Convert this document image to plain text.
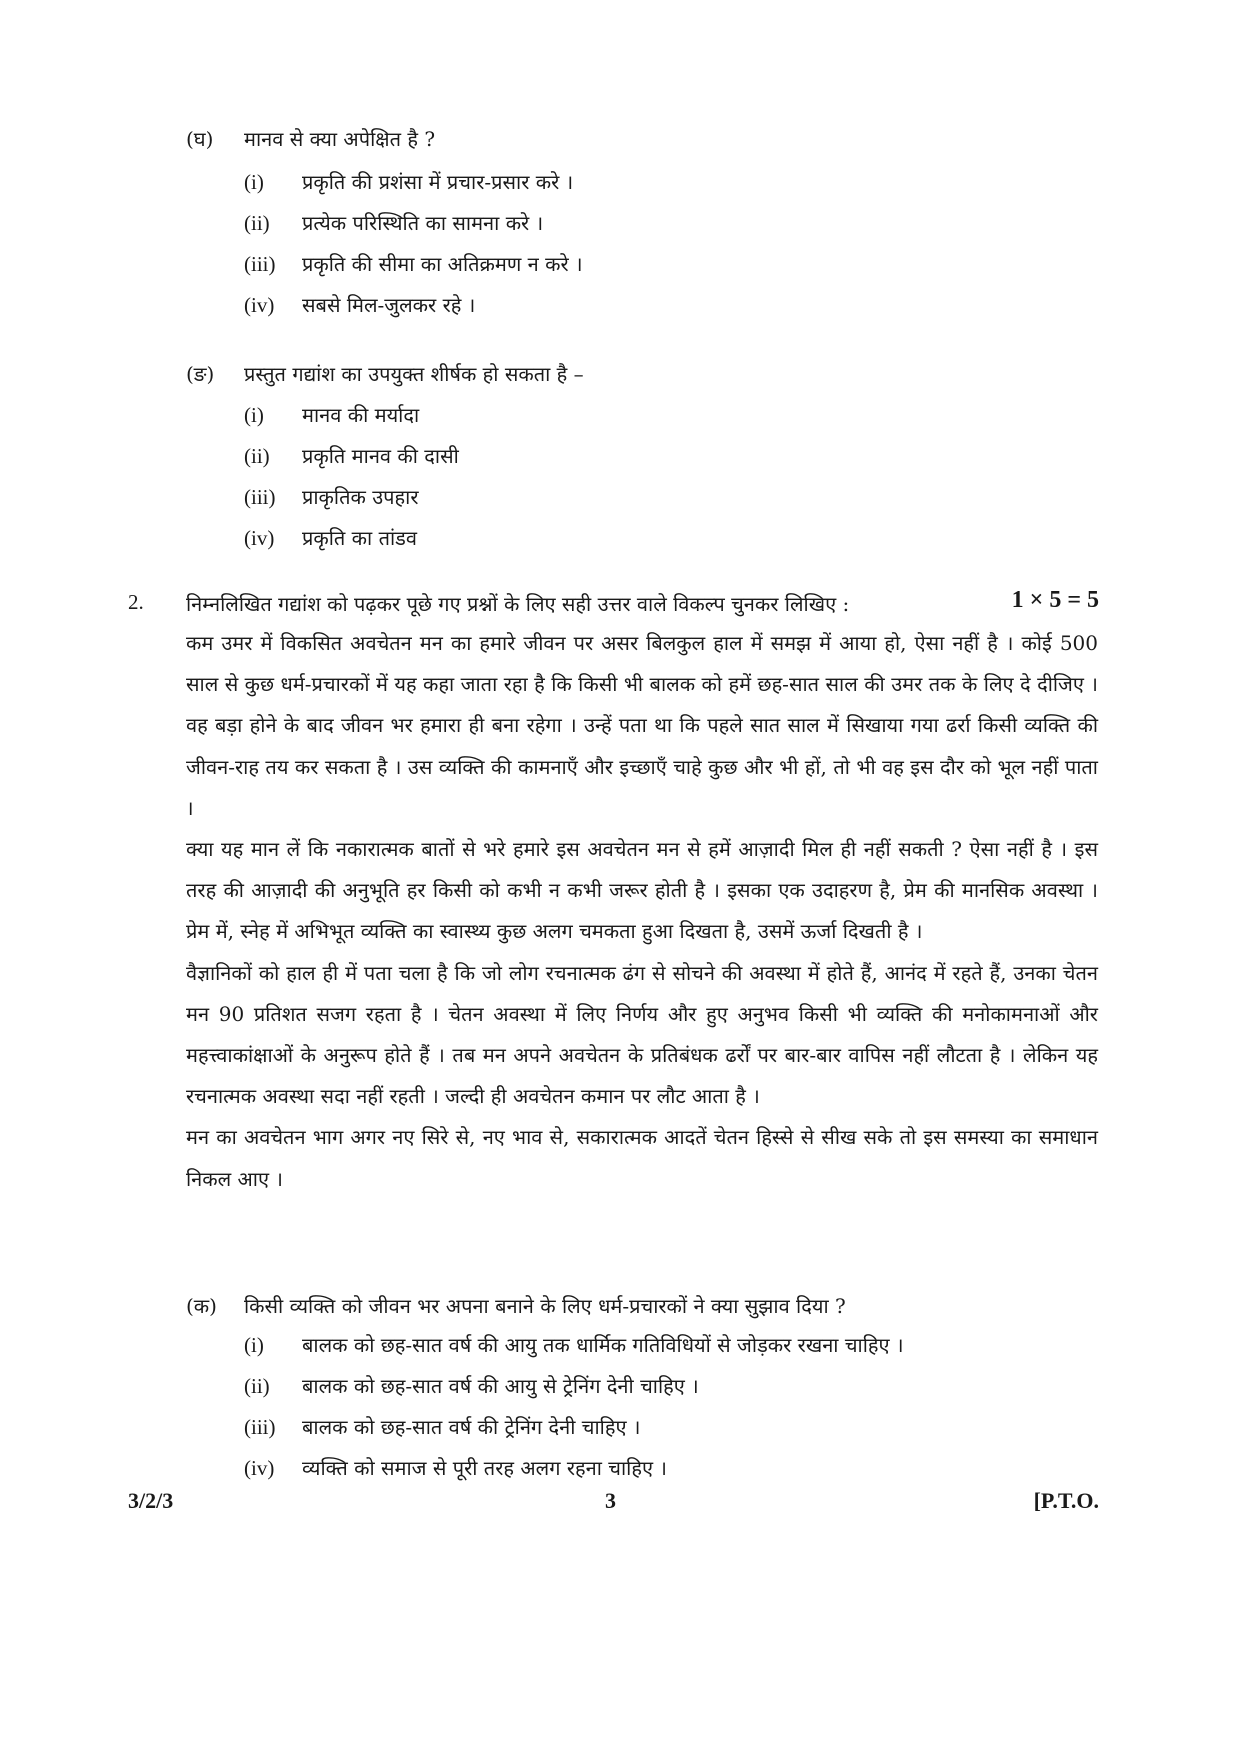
(घ)	मानव से क्या अपेक्षित है ?
(i)	प्रकृति की प्रशंसा में प्रचार-प्रसार करे ।
(ii)	प्रत्येक परिस्थिति का सामना करे ।
(iii)	प्रकृति की सीमा का अतिक्रमण न करे ।
(iv)	सबसे मिल-जुलकर रहे ।
(ङ)	प्रस्तुत गद्यांश का उपयुक्त शीर्षक हो सकता है –
(i)	मानव की मर्यादा
(ii)	प्रकृति मानव की दासी
(iii)	प्राकृतिक उपहार
(iv)	प्रकृति का तांडव
2. निम्नलिखित गद्यांश को पढ़कर पूछे गए प्रश्नों के लिए सही उत्तर वाले विकल्प चुनकर लिखिए :	1 × 5 = 5

कम उमर में विकसित अवचेतन मन का हमारे जीवन पर असर बिलकुल हाल में समझ में आया हो, ऐसा नहीं है । कोई 500 साल से कुछ धर्म-प्रचारकों में यह कहा जाता रहा है कि किसी भी बालक को हमें छह-सात साल की उमर तक के लिए दे दीजिए । वह बड़ा होने के बाद जीवन भर हमारा ही बना रहेगा । उन्हें पता था कि पहले सात साल में सिखाया गया ढर्रा किसी व्यक्ति की जीवन-राह तय कर सकता है । उस व्यक्ति की कामनाएँ और इच्छाएँ चाहे कुछ और भी हों, तो भी वह इस दौर को भूल नहीं पाता ।

क्या यह मान लें कि नकारात्मक बातों से भरे हमारे इस अवचेतन मन से हमें आज़ादी मिल ही नहीं सकती ? ऐसा नहीं है । इस तरह की आज़ादी की अनुभूति हर किसी को कभी न कभी जरूर होती है । इसका एक उदाहरण है, प्रेम की मानसिक अवस्था । प्रेम में, स्नेह में अभिभूत व्यक्ति का स्वास्थ्य कुछ अलग चमकता हुआ दिखता है, उसमें ऊर्जा दिखती है ।

वैज्ञानिकों को हाल ही में पता चला है कि जो लोग रचनात्मक ढंग से सोचने की अवस्था में होते हैं, आनंद में रहते हैं, उनका चेतन मन 90 प्रतिशत सजग रहता है । चेतन अवस्था में लिए निर्णय और हुए अनुभव किसी भी व्यक्ति की मनोकामनाओं और महत्त्वाकांक्षाओं के अनुरूप होते हैं । तब मन अपने अवचेतन के प्रतिबंधक ढर्रों पर बार-बार वापिस नहीं लौटता है । लेकिन यह रचनात्मक अवस्था सदा नहीं रहती । जल्दी ही अवचेतन कमान पर लौट आता है ।

मन का अवचेतन भाग अगर नए सिरे से, नए भाव से, सकारात्मक आदतें चेतन हिस्से से सीख सके तो इस समस्या का समाधान निकल आए ।

(क)	किसी व्यक्ति को जीवन भर अपना बनाने के लिए धर्म-प्रचारकों ने क्या सुझाव दिया ?
(i)	बालक को छह-सात वर्ष की आयु तक धार्मिक गतिविधियों से जोड़कर रखना चाहिए ।
(ii)	बालक को छह-सात वर्ष की आयु से ट्रेनिंग देनी चाहिए ।
(iii)	बालक को छह-सात वर्ष की ट्रेनिंग देनी चाहिए ।
(iv)	व्यक्ति को समाज से पूरी तरह अलग रहना चाहिए ।
3/2/3	3	[P.T.O.
